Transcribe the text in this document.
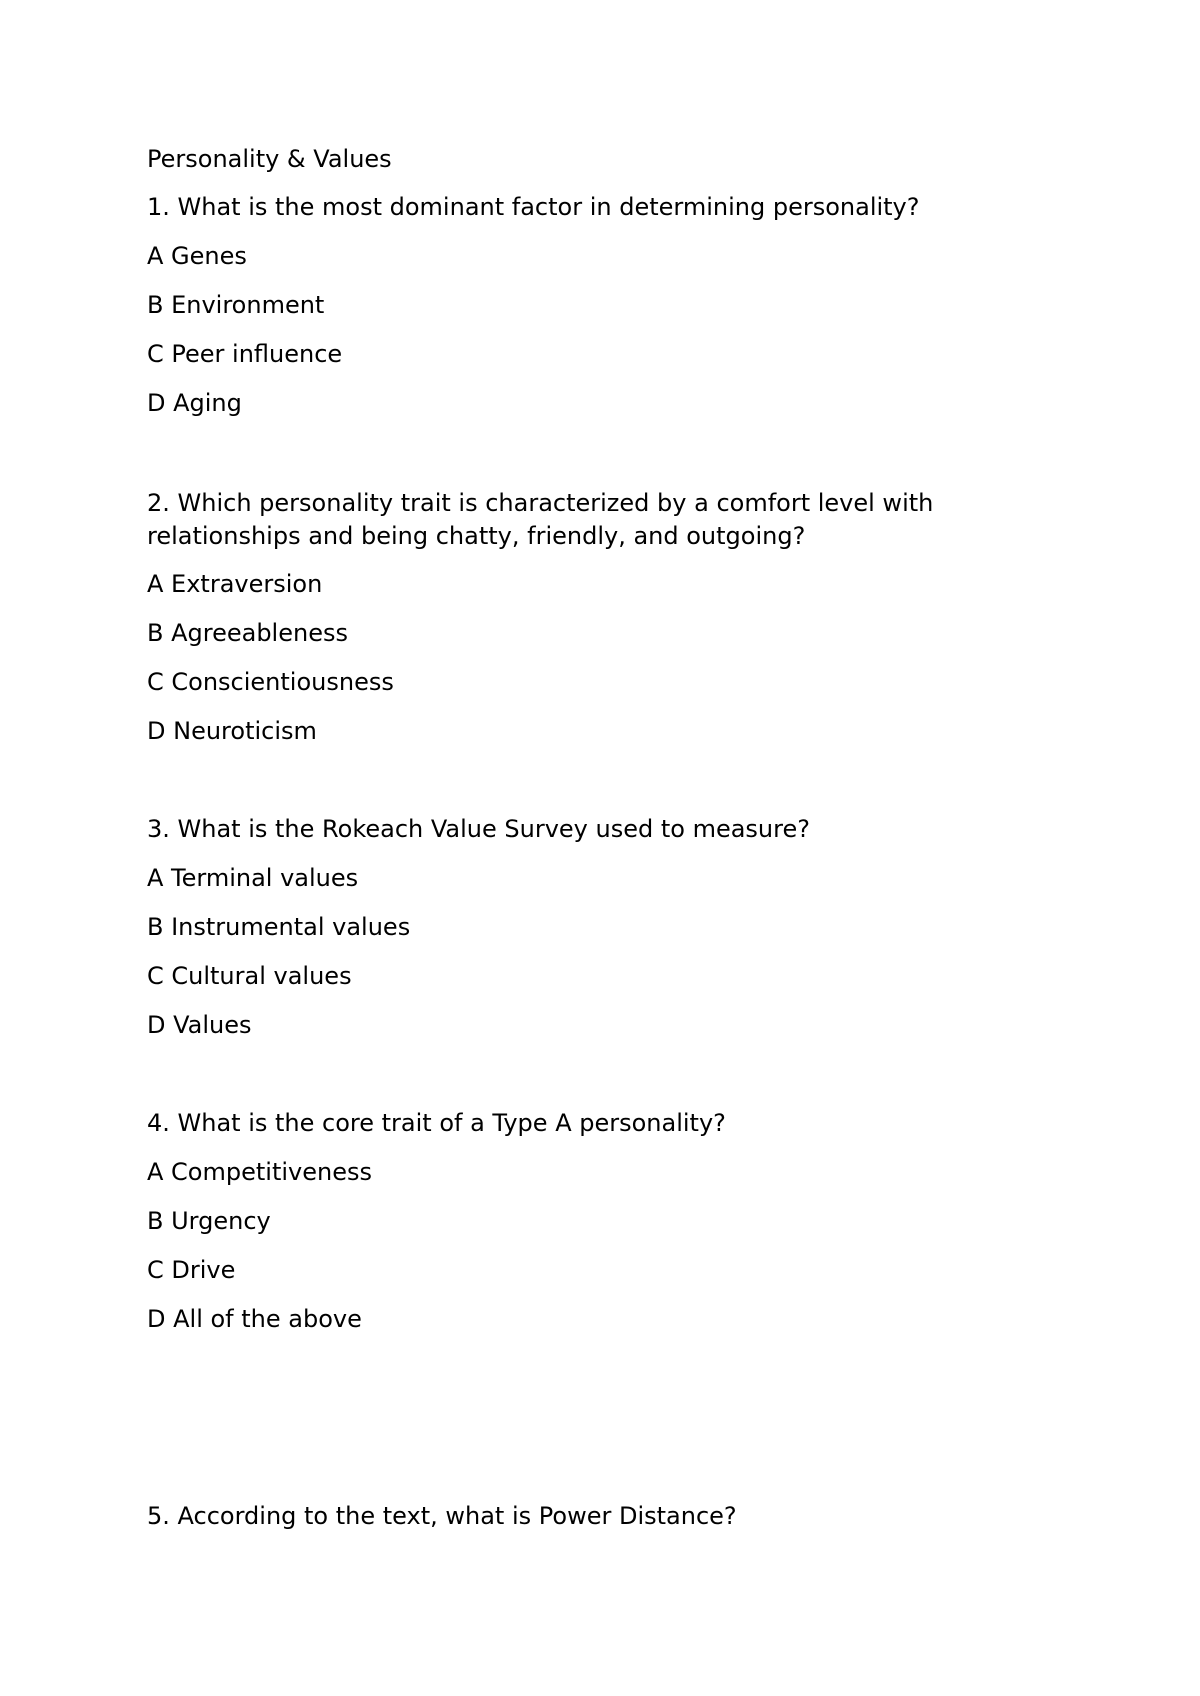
Personality & Values

1. What is the most dominant factor in determining personality?

A Genes

B Environment

C Peer influence

D Aging

2. Which personality trait is characterized by a comfort level with

relationships and being chatty, friendly, and outgoing?

A Extraversion

B Agreeableness

C Conscientiousness

D Neuroticism

3. What is the Rokeach Value Survey used to measure?

A Terminal values

B Instrumental values

C Cultural values

D Values

4. What is the core trait of a Type A personality?

A Competitiveness

B Urgency

C Drive

D All of the above

5. According to the text, what is Power Distance?
